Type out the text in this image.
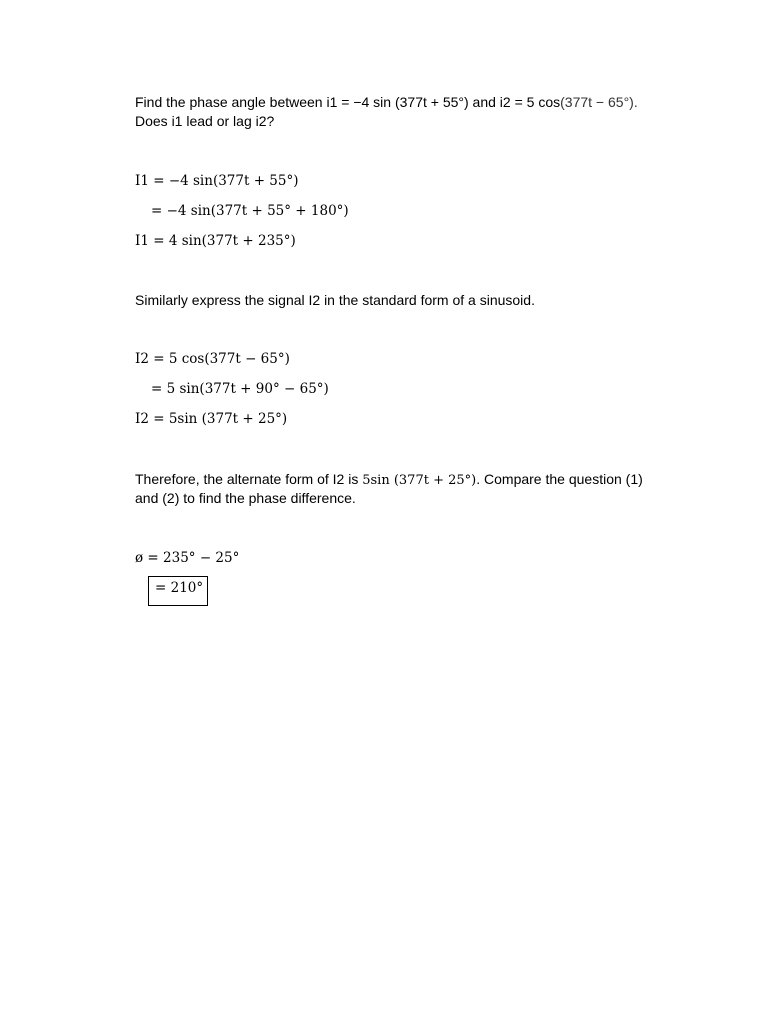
Find the phase angle between i1 = −4 sin (377t + 55°) and i2 = 5 cos(377t − 65°).
Does i1 lead or lag i2?
I1 = −4 sin(377t + 55°)
= −4 sin(377t + 55° + 180°)
I1 = 4 sin(377t + 235°)
Similarly express the signal I2 in the standard form of a sinusoid.
I2 = 5 cos(377t − 65°)
= 5 sin(377t + 90° − 65°)
I2 = 5sin (377t + 25°)
Therefore, the alternate form of I2 is 5sin (377t + 25°). Compare the question (1)
and (2) to find the phase difference.
ø = 235° − 25°
= 210°
